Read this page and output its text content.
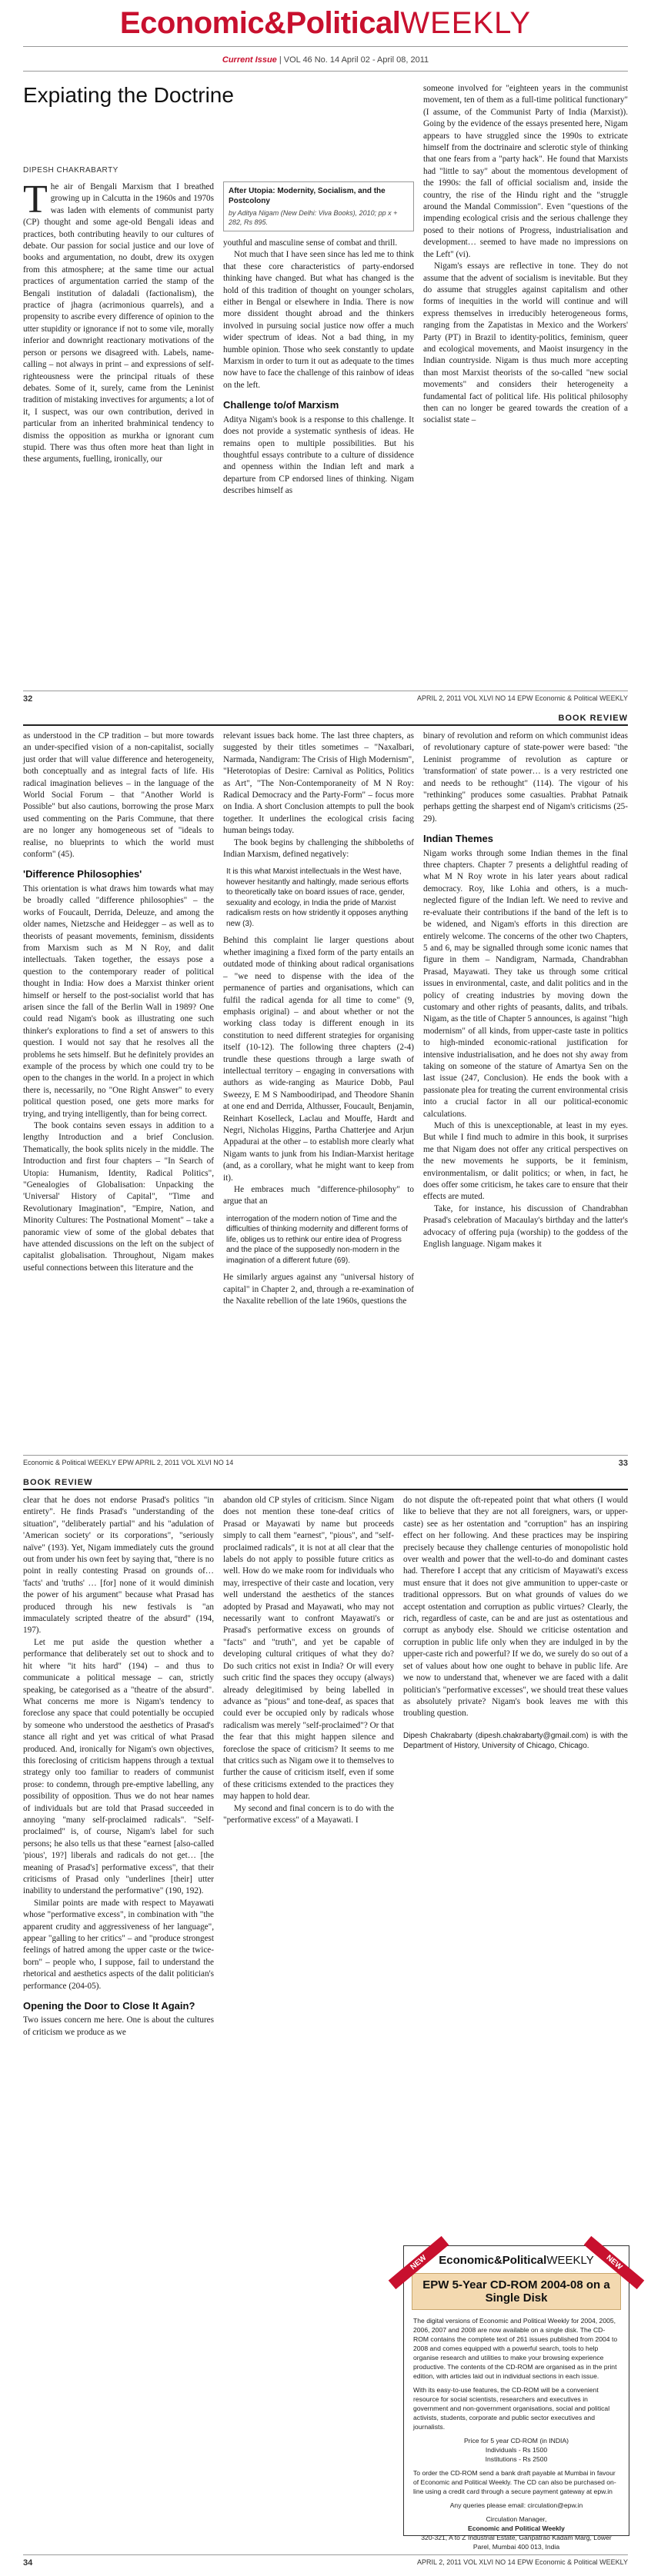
Economic&PoliticalWEEKLY
Current Issue | VOL 46 No. 14 April 02 - April 08, 2011
Expiating the Doctrine
DIPESH CHAKRABARTY

The air of Bengali Marxism that I breathed growing up in Calcutta in the 1960s and 1970s was laden with elements of communist party (CP) thought and some age-old Bengali ideas and practices, both contributing heavily to our cultures of debate. Our passion for social justice and our love of books and argumentation, no doubt, drew its oxygen from this atmosphere; at the same time our actual practices of argumentation carried the stamp of the Bengali institution of daladali (factionalism), the practice of jhagra (acrimonious quarrels), and a propensity to ascribe every difference of opinion to the utter stupidity or ignorance if not to some vile, morally inferior and downright reactionary motivations of the person or persons we disagreed with. Labels, name-calling – not always in print – and expressions of self-righteousness were the principal rituals of these debates. Some of it, surely, came from the Leninist tradition of mistaking invectives for arguments; a lot of it, I suspect, was our own contribution, derived in particular from an inherited brahminical tendency to dismiss the opposition as murkha or ignorant cum stupid. There was thus often more heat than light in these arguments, fuelling, ironically, our

After Utopia: Modernity, Socialism, and the Postcolony
by Aditya Nigam (New Delhi: Viva Books), 2010; pp x + 282, Rs 895.

youthful and masculine sense of combat and thrill.

Not much that I have seen since has led me to think that these core characteristics of party-endorsed thinking have changed. But what has changed is the hold of this tradition of thought on younger scholars, either in Bengal or elsewhere in India. There is now more dissident thought abroad and the thinkers involved in pursuing social justice now offer a much wider spectrum of ideas. Not a bad thing, in my humble opinion. Those who seek constantly to update Marxism in order to turn it out as adequate to the times now have to face the challenge of this rainbow of ideas on the left.

Challenge to/of Marxism

Aditya Nigam's book is a response to this challenge. It does not provide a systematic synthesis of ideas. He remains open to multiple possibilities. But his thoughtful essays contribute to a culture of dissidence and openness within the Indian left and mark a departure from CP endorsed lines of thinking. Nigam describes himself as

someone involved for "eighteen years in the communist movement, ten of them as a full-time political functionary" (I assume, of the Communist Party of India (Marxist)). Going by the evidence of the essays presented here, Nigam appears to have struggled since the 1990s to extricate himself from the doctrinaire and sclerotic style of thinking that one fears from a "party hack". He found that Marxists had "little to say" about the momentous development of the 1990s: the fall of official socialism and, inside the country, the rise of the Hindu right and the "struggle around the Mandal Commission". Even "questions of the impending ecological crisis and the serious challenge they posed to their notions of Progress, industrialisation and development… seemed to have made no impressions on the Left" (vi).

Nigam's essays are reflective in tone. They do not assume that the advent of socialism is inevitable. But they do assume that struggles against capitalism and other forms of inequities in the world will continue and will express themselves in irreducibly heterogeneous forms, ranging from the Zapatistas in Mexico and the Workers' Party (PT) in Brazil to identity-politics, feminism, queer and ecological movements, and Maoist insurgency in the Indian countryside. Nigam is thus much more accepting than most Marxist theorists of the so-called "new social movements" and considers their heterogeneity a fundamental fact of political life. His political philosophy then can no longer be geared towards the creation of a socialist state –

32	APRIL 2, 2011 VOL XLVI NO 14 EPW Economic & Political WEEKLY
BOOK REVIEW

as understood in the CP tradition – but more towards an under-specified vision of a non-capitalist, socially just order that will value difference and heterogeneity, both conceptually and as integral facts of life. His radical imagination believes – in the language of the World Social Forum – that "Another World is Possible" but also cautions, borrowing the prose Marx used commenting on the Paris Commune, that there are no longer any homogeneous set of "ideals to realise, no blueprints to which the world must conform" (45).

'Difference Philosophies'

This orientation is what draws him towards what may be broadly called "difference philosophies" – the works of Foucault, Derrida, Deleuze, and among the older names, Nietzsche and Heidegger – as well as to theorists of peasant movements, feminism, dissidents from Marxism such as M N Roy, and dalit intellectuals. Taken together, the essays pose a question to the contemporary reader of political thought in India: How does a Marxist thinker orient himself or herself to the post-socialist world that has arisen since the fall of the Berlin Wall in 1989? One could read Nigam's book as illustrating one such thinker's explorations to find a set of answers to this question. I would not say that he resolves all the problems he sets himself. But he definitely provides an example of the process by which one could try to be open to the changes in the world. In a project in which there is, necessarily, no "One Right Answer" to every political question posed, one gets more marks for trying, and trying intelligently, than for being correct.

The book contains seven essays in addition to a lengthy Introduction and a brief Conclusion. Thematically, the book splits nicely in the middle. The Introduction and first four chapters – "In Search of Utopia: Humanism, Identity, Radical Politics", "Genealogies of Globalisation: Unpacking the 'Universal' History of Capital", "Time and Revolutionary Imagination", "Empire, Nation, and Minority Cultures: The Postnational Moment" – take a panoramic view of some of the global debates that have attended discussions on the left on the subject of capitalist globalisation. Throughout, Nigam makes useful connections between this literature and the

relevant issues back home. The last three chapters, as suggested by their titles sometimes – "Naxalbari, Narmada, Nandigram: The Crisis of High Modernism", "Heterotopias of Desire: Carnival as Politics, Politics as Art", "The Non-Contemporaneity of M N Roy: Radical Democracy and the Party-Form" – focus more on India. A short Conclusion attempts to pull the book together. It underlines the ecological crisis facing human beings today.

The book begins by challenging the shibboleths of Indian Marxism, defined negatively:

It is this what Marxist intellectuals in the West have, however hesitantly and haltingly, made serious efforts to theoretically take on board issues of race, gender, sexuality and ecology, in India the pride of Marxist radicalism rests on how stridently it opposes anything new (3).

Behind this complaint lie larger questions about whether imagining a fixed form of the party entails an outdated mode of thinking about radical organisations – "we need to dispense with the idea of the permanence of parties and organisations, which can fulfil the radical agenda for all time to come" (9, emphasis original) – and about whether or not the working class today is different enough in its constitution to need different strategies for organising itself (10-12). The following three chapters (2-4) trundle these questions through a large swath of intellectual territory – engaging in conversations with authors as wide-ranging as Maurice Dobb, Paul Sweezy, E M S Namboodiripad, and Theodore Shanin at one end and Derrida, Althusser, Foucault, Benjamin, Reinhart Koselleck, Laclau and Mouffe, Hardt and Negri, Nicholas Higgins, Partha Chatterjee and Arjun Appadurai at the other – to establish more clearly what Nigam wants to junk from his Indian-Marxist heritage (and, as a corollary, what he might want to keep from it).

He embraces much "difference-philosophy" to argue that an

interrogation of the modern notion of Time and the difficulties of thinking modernity and different forms of life, obliges us to rethink our entire idea of Progress and the place of the supposedly non-modern in the imagination of a different future (69).

He similarly argues against any "universal history of capital" in Chapter 2, and, through a re-examination of the Naxalite rebellion of the late 1960s, questions the

binary of revolution and reform on which communist ideas of revolutionary capture of state-power were based: "the Leninist programme of revolution as capture or 'transformation' of state power… is a very restricted one and needs to be rethought" (114). The vigour of his "rethinking" produces some casualties. Prabhat Patnaik perhaps getting the sharpest end of Nigam's criticisms (25-29).

Indian Themes

Nigam works through some Indian themes in the final three chapters. Chapter 7 presents a delightful reading of what M N Roy wrote in his later years about radical democracy. Roy, like Lohia and others, is a much-neglected figure of the Indian left. We need to revive and re-evaluate their contributions if the band of the left is to be widened, and Nigam's efforts in this direction are entirely welcome. The concerns of the other two Chapters, 5 and 6, may be signalled through some iconic names that figure in them – Nandigram, Narmada, Chandrabhan Prasad, Mayawati. They take us through some critical issues in environmental, caste, and dalit politics and in the policy of creating industries by moving down the customary and other rights of peasants, dalits, and tribals. Nigam, as the title of Chapter 5 announces, is against "high modernism" of all kinds, from upper-caste taste in politics to high-minded economic-rational justification for intensive industrialisation, and he does not shy away from taking on someone of the stature of Amartya Sen on the last issue (247, Conclusion). He ends the book with a passionate plea for treating the current environmental crisis into a crucial factor in all our political-economic calculations.

Much of this is unexceptionable, at least in my eyes. But while I find much to admire in this book, it surprises me that Nigam does not offer any critical perspectives on the new movements he supports, be it feminism, environmentalism, or dalit politics; or when, in fact, he does offer some criticism, he takes care to ensure that their effects are muted.

Take, for instance, his discussion of Chandrabhan Prasad's celebration of Macaulay's birthday and the latter's advocacy of offering puja (worship) to the goddess of the English language. Nigam makes it

Economic & Political WEEKLY EPW APRIL 2, 2011 VOL XLVI NO 14	33
BOOK REVIEW

clear that he does not endorse Prasad's politics "in entirety". He finds Prasad's "understanding of the situation", "deliberately partial" and his "adulation of 'American society' or its corporations", "seriously naïve" (193). Yet, Nigam immediately cuts the ground out from under his own feet by saying that, "there is no point in really contesting Prasad on grounds of… 'facts' and 'truths' … [for] none of it would diminish the power of his argument" because what Prasad has produced through his new festivals is "an immaculately scripted theatre of the absurd" (194, 197).

Let me put aside the question whether a performance that deliberately set out to shock and to hit where "it hits hard" (194) – and thus to communicate a political message – can, strictly speaking, be categorised as a "theatre of the absurd". What concerns me more is Nigam's tendency to foreclose any space that could potentially be occupied by someone who understood the aesthetics of Prasad's stance all right and yet was critical of what Prasad produced. And, ironically for Nigam's own objectives, this foreclosing of criticism happens through a textual strategy only too familiar to readers of communist prose: to condemn, through pre-emptive labelling, any possibility of opposition. Thus we do not hear names of individuals but are told that Prasad succeeded in annoying "many self-proclaimed radicals". "Self-proclaimed" is, of course, Nigam's label for such persons; he also tells us that these "earnest [also-called 'pious', 19?] liberals and radicals do not get… [the meaning of Prasad's] performative excess", that their criticisms of Prasad only "underlines [their] utter inability to understand the performative" (190, 192).

Similar points are made with respect to Mayawati whose "performative excess", in combination with "the apparent crudity and aggressiveness of her language", appear "galling to her critics" – and "produce strongest feelings of hatred among the upper caste or the twice-born" – people who, I suppose, fail to understand the rhetorical and aesthetics aspects of the dalit politician's performance (204-05).

Opening the Door to Close It Again?

Two issues concern me here. One is about the cultures of criticism we produce as we

abandon old CP styles of criticism. Since Nigam does not mention these tone-deaf critics of Prasad or Mayawati by name but proceeds simply to call them "earnest", "pious", and "self-proclaimed radicals", it is not at all clear that the labels do not apply to possible future critics as well. How do we make room for individuals who may, irrespective of their caste and location, very well understand the aesthetics of the stances adopted by Prasad and Mayawati, who may not necessarily want to confront Mayawati's or Prasad's performative excess on grounds of "facts" and "truth", and yet be capable of developing cultural critiques of what they do? Do such critics not exist in India? Or will every such critic find the spaces they occupy (always) already delegitimised by being labelled in advance as "pious" and tone-deaf, as spaces that could ever be occupied only by radicals whose radicalism was merely "self-proclaimed"? Or that the fear that this might happen silence and foreclose the space of criticism? It seems to me that critics such as Nigam owe it to themselves to further the cause of criticism itself, even if some of these criticisms extended to the practices they may happen to hold dear.

My second and final concern is to do with the "performative excess" of a Mayawati. I

do not dispute the oft-repeated point that what others (I would like to believe that they are not all foreigners, wars, or upper-caste) see as her ostentation and "corruption" has an inspiring effect on her following. And these practices may be inspiring precisely because they challenge centuries of monopolistic hold over wealth and power that the well-to-do and dominant castes had. Therefore I accept that any criticism of Mayawati's excess must ensure that it does not give ammunition to upper-caste or traditional oppressors. But on what grounds of values do we accept ostentation and corruption as public virtues? Clearly, the rich, regardless of caste, can be and are just as ostentatious and corrupt as anybody else. Should we criticise ostentation and corruption in public life only when they are indulged in by the upper-caste rich and powerful? If we do, we surely do so out of a set of values about how one ought to behave in public life. Are we now to understand that, whenever we are faced with a dalit politician's "performative excesses", we should treat these values as absolutely private? Nigam's book leaves me with this troubling question.

Dipesh Chakrabarty (dipesh.chakrabarty@gmail.com) is with the Department of History, University of Chicago, Chicago.

NEW	NEW
Economic&PoliticalWEEKLY
EPW 5-Year CD-ROM 2004-08 on a Single Disk

The digital versions of Economic and Political Weekly for 2004, 2005, 2006, 2007 and 2008 are now available on a single disk. The CD-ROM contains the complete text of 261 issues published from 2004 to 2008 and comes equipped with a powerful search, tools to help organise research and utilities to make your browsing experience productive. The contents of the CD-ROM are organised as in the print edition, with articles laid out in individual sections in each issue.

With its easy-to-use features, the CD-ROM will be a convenient resource for social scientists, researchers and executives in government and non-government organisations, social and political activists, students, corporate and public sector executives and journalists.

Price for 5 year CD-ROM (in INDIA)

Individuals - Rs 1500

Institutions - Rs 2500

To order the CD-ROM send a bank draft payable at Mumbai in favour of Economic and Political Weekly. The CD can also be purchased on-line using a credit card through a secure payment gateway at epw.in

Any queries please email: circulation@epw.in

Circulation Manager,
Economic and Political Weekly
320-321, A to Z Industrial Estate, Ganpatrao Kadam Marg, Lower Parel, Mumbai 400 013, India
34	APRIL 2, 2011 VOL XLVI NO 14 EPW Economic & Political WEEKLY
